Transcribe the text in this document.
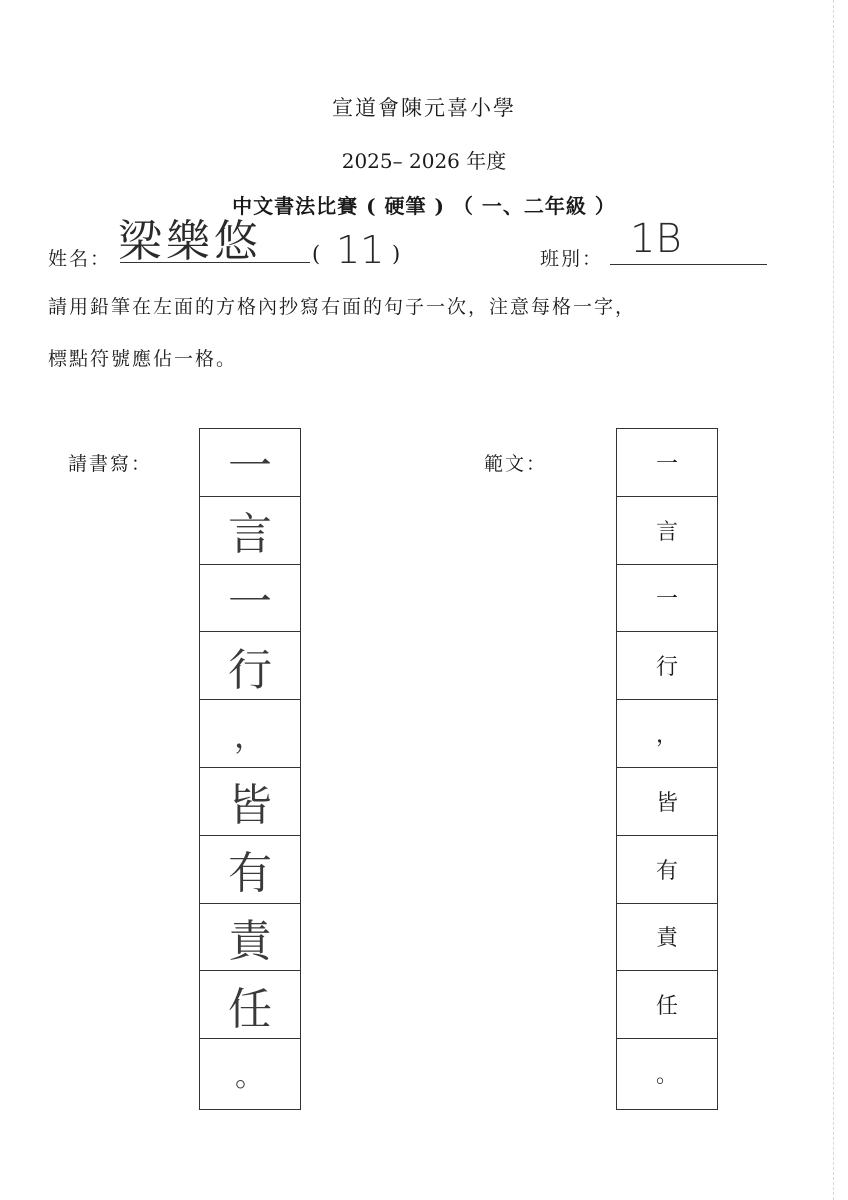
宣道會陳元喜小學
2025– 2026 年度
中文書法比賽 ( 硬筆 ) （ 一、二年級 ）
姓名： 梁樂悠 ( 11 )	班別： 1B
請用鉛筆在左面的方格內抄寫右面的句子一次，注意每格一字，
標點符號應佔一格。
請書寫：	一
言
一
行
，
皆
有
責
任
。
範文：	一
言
一
行
，
皆
有
責
任
。
